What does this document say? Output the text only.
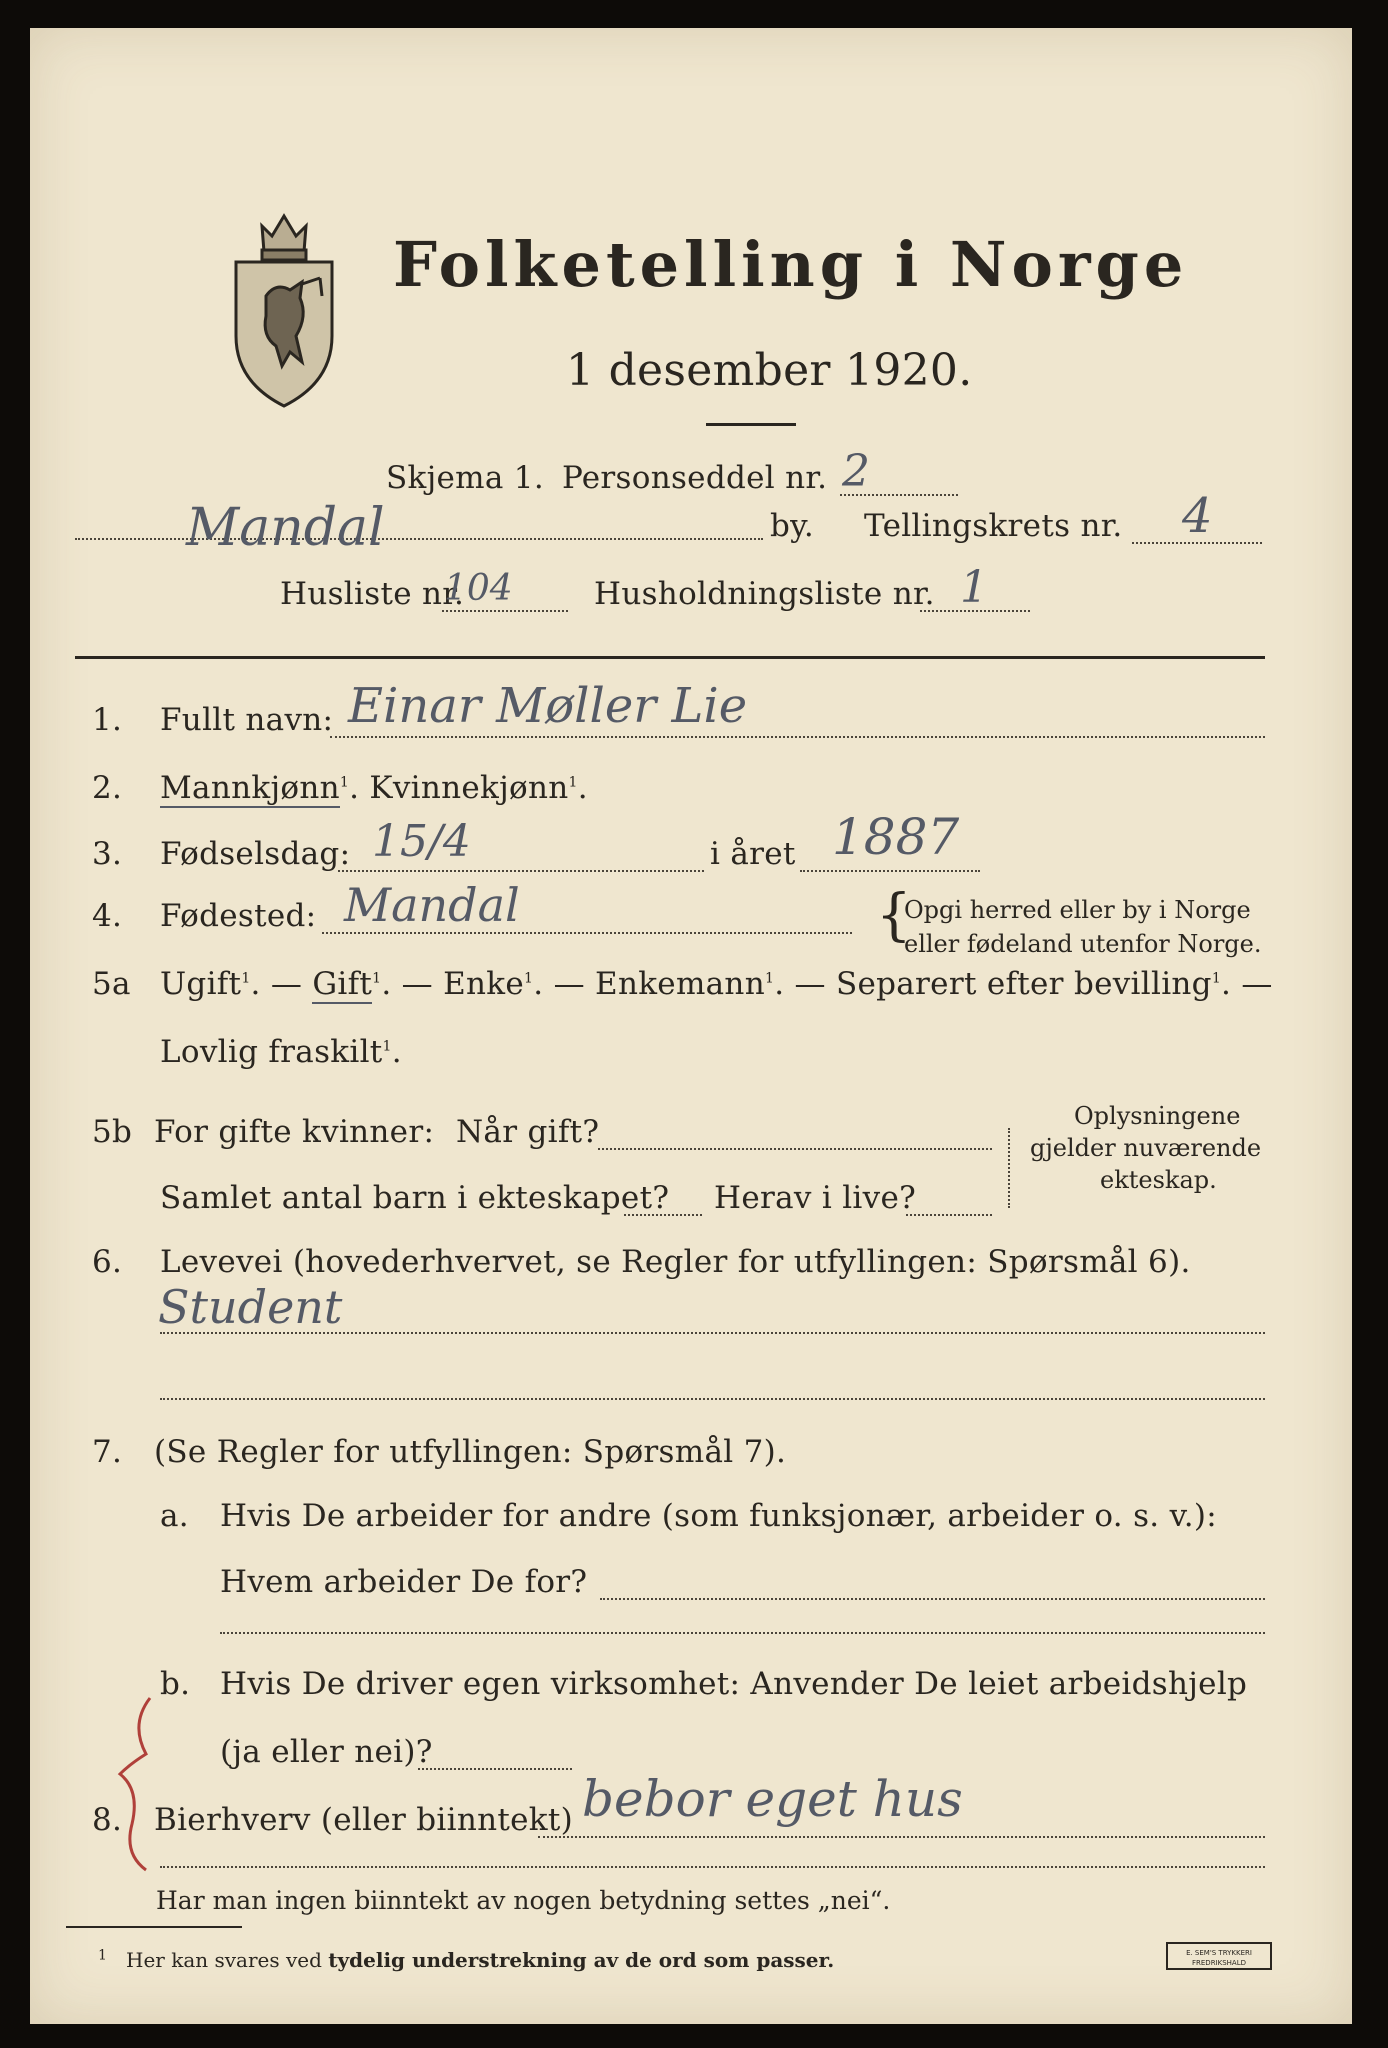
Folketelling i Norge
1 desember 1920.
Skjema 1. Personseddel nr. 2
Mandal	by. Tellingskrets nr. 4
Husliste nr.
104	Husholdningsliste nr. 1
1. Fullt navn: Einar Møller Lie
2. Mannkjønn$^1$. Kvinnekjønn$^1$.
3. Fødselsdag: 15/4	i året 1887
4. Fødested: Mandal	{
Opgi herred eller by i Norge
eller fødeland utenfor Norge.
5a Ugift$^1$. — Gift$^1$. — Enke$^1$. — Enkemann$^1$. — Separert efter bevilling$^1$. —
Lovlig fraskilt$^1$.
5b For gifte kvinner: Når gift?
Samlet antal barn i ekteskapet? Herav i live?
Oplysningene
gjelder nuværende
ekteskap.
6. Levevei (hovederhvervet, se Regler for utfyllingen: Spørsmål 6).
Student
7. (Se Regler for utfyllingen: Spørsmål 7).
a. Hvis De arbeider for andre (som funksjonær, arbeider o. s. v.):
Hvem arbeider De for?
b. Hvis De driver egen virksomhet: Anvender De leiet arbeidshjelp
(ja eller nei)?
8. Bierhverv (eller biinntekt) bebor eget hus
Har man ingen biinntekt av nogen betydning settes „nei“.
$^1$ Her kan svares ved tydelig understrekning av de ord som passer.	E. SEM'S TRYKKERI
FREDRIKSHALD
